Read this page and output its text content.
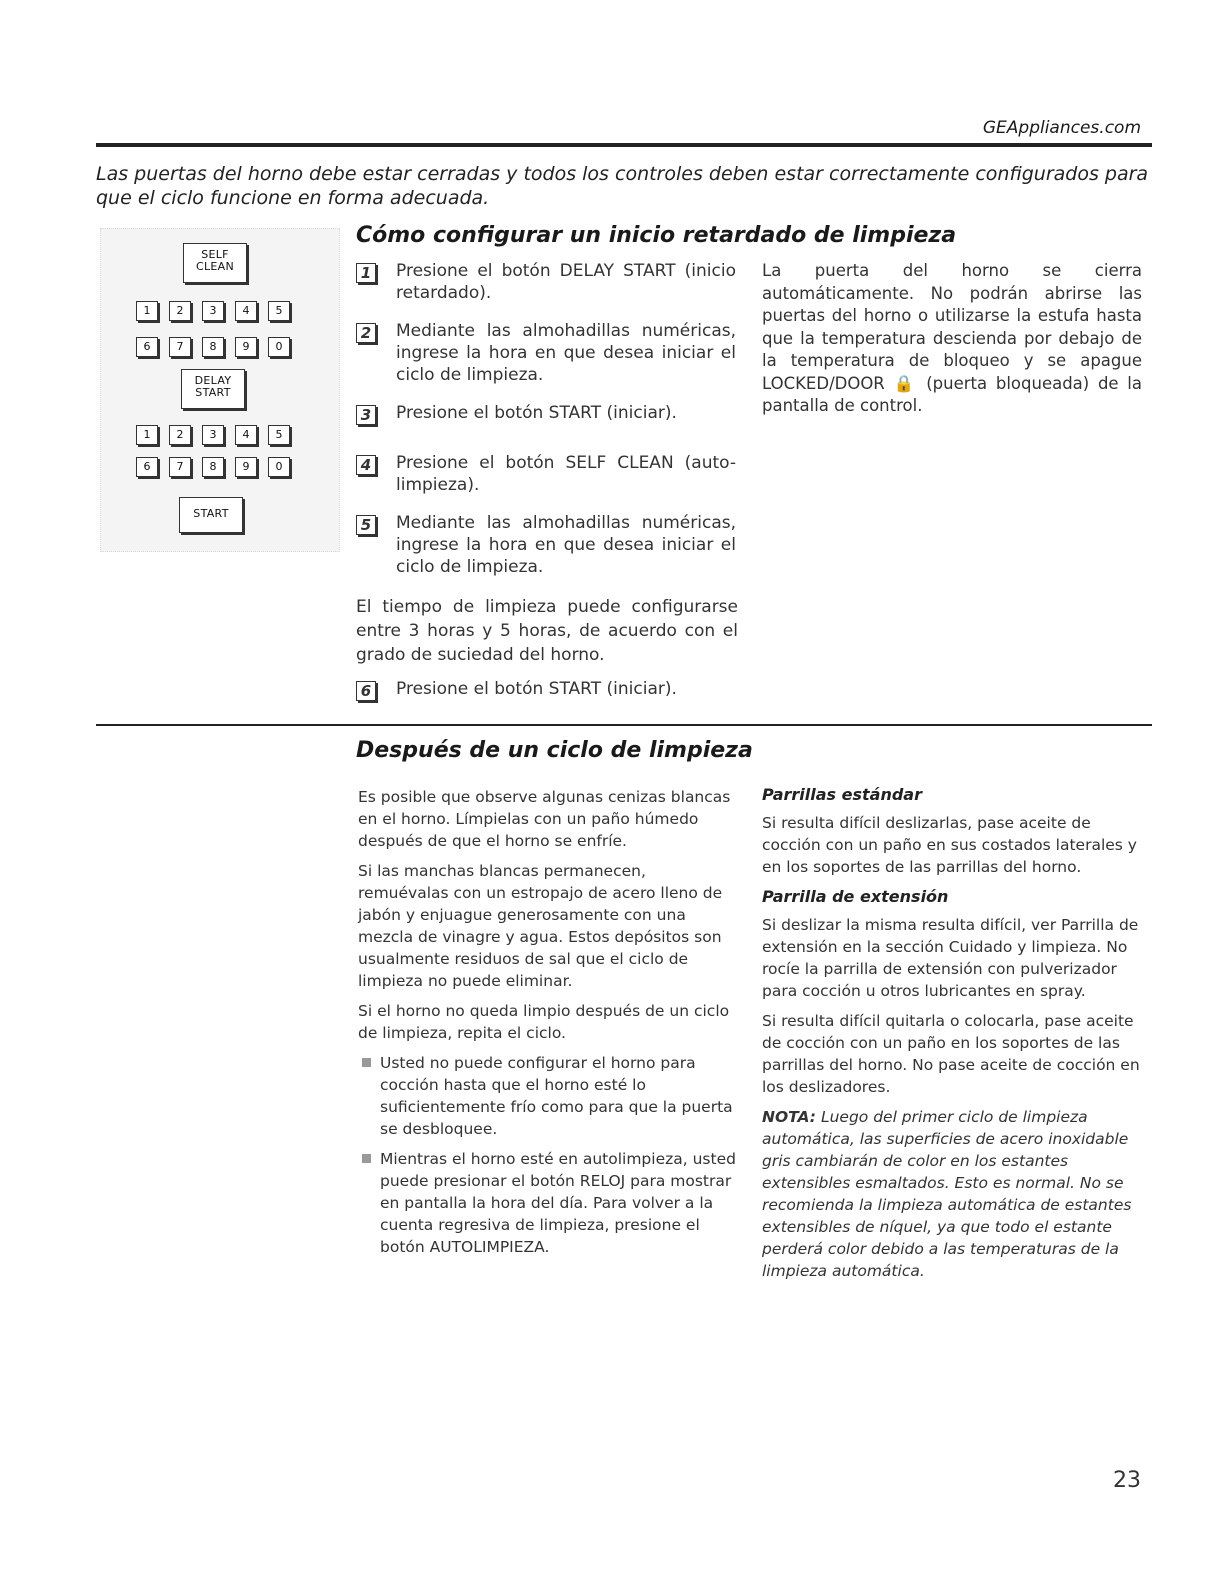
GEAppliances.com
Las puertas del horno debe estar cerradas y todos los controles deben estar correctamente configurados para que el ciclo funcione en forma adecuada.
Cómo configurar un inicio retardado de limpieza
SELF
CLEAN
1	2	3	4	5
6	7	8	9	0
DELAY
START
1	2	3	4	5
6	7	8	9	0
START
1 Presione el botón DELAY START (inicio retardado).
2 Mediante las almohadillas numéricas, ingrese la hora en que desea iniciar el ciclo de limpieza.
3 Presione el botón START (iniciar).
4 Presione el botón SELF CLEAN (auto-limpieza).
5 Mediante las almohadillas numéricas, ingrese la hora en que desea iniciar el ciclo de limpieza.
El tiempo de limpieza puede configurarse entre 3 horas y 5 horas, de acuerdo con el grado de suciedad del horno.
6 Presione el botón START (iniciar).
La puerta del horno se cierra automáticamente. No podrán abrirse las puertas del horno o utilizarse la estufa hasta que la temperatura descienda por debajo de la temperatura de bloqueo y se apague LOCKED/DOOR 🔒 (puerta bloqueada) de la pantalla de control.
Después de un ciclo de limpieza

Es posible que observe algunas cenizas blancas en el horno. Límpielas con un paño húmedo después de que el horno se enfríe.

Si las manchas blancas permanecen, remuévalas con un estropajo de acero lleno de jabón y enjuague generosamente con una mezcla de vinagre y agua. Estos depósitos son usualmente residuos de sal que el ciclo de limpieza no puede eliminar.

Si el horno no queda limpio después de un ciclo de limpieza, repita el ciclo.

Usted no puede configurar el horno para cocción hasta que el horno esté lo suficientemente frío como para que la puerta se desbloquee.

Mientras el horno esté en autolimpieza, usted puede presionar el botón RELOJ para mostrar en pantalla la hora del día. Para volver a la cuenta regresiva de limpieza, presione el botón AUTOLIMPIEZA.

Parrillas estándar

Si resulta difícil deslizarlas, pase aceite de cocción con un paño en sus costados laterales y en los soportes de las parrillas del horno.

Parrilla de extensión

Si deslizar la misma resulta difícil, ver Parrilla de extensión en la sección Cuidado y limpieza. No rocíe la parrilla de extensión con pulverizador para cocción u otros lubricantes en spray.

Si resulta difícil quitarla o colocarla, pase aceite de cocción con un paño en los soportes de las parrillas del horno. No pase aceite de cocción en los deslizadores.

NOTA: Luego del primer ciclo de limpieza automática, las superficies de acero inoxidable gris cambiarán de color en los estantes extensibles esmaltados. Esto es normal. No se recomienda la limpieza automática de estantes extensibles de níquel, ya que todo el estante perderá color debido a las temperaturas de la limpieza automática.

23
